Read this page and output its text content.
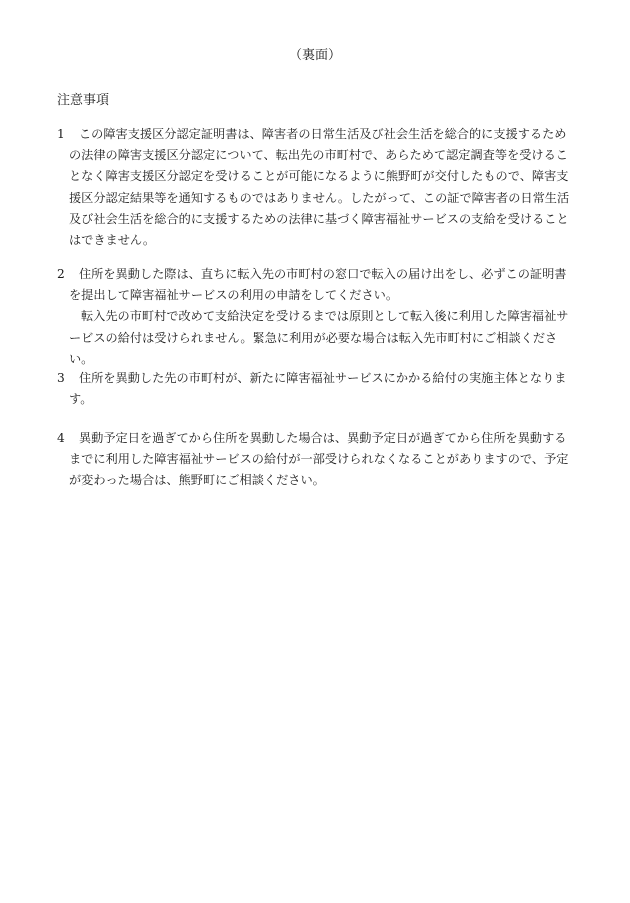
（裏面）
注意事項

1 この障害支援区分認定証明書は、障害者の日常生活及び社会生活を総合的に支援するための法律の障害支援区分認定について、転出先の市町村で、あらためて認定調査等を受けることなく障害支援区分認定を受けることが可能になるように熊野町が交付したもので、障害支援区分認定結果等を通知するものではありません。したがって、この証で障害者の日常生活及び社会生活を総合的に支援するための法律に基づく障害福祉サービスの支給を受けることはできません。

2 住所を異動した際は、直ちに転入先の市町村の窓口で転入の届け出をし、必ずこの証明書を提出して障害福祉サービスの利用の申請をしてください。

転入先の市町村で改めて支給決定を受けるまでは原則として転入後に利用した障害福祉サービスの給付は受けられません。緊急に利用が必要な場合は転入先市町村にご相談ください。

3 住所を異動した先の市町村が、新たに障害福祉サービスにかかる給付の実施主体となります。

4 異動予定日を過ぎてから住所を異動した場合は、異動予定日が過ぎてから住所を異動するまでに利用した障害福祉サービスの給付が一部受けられなくなることがありますので、予定が変わった場合は、熊野町にご相談ください。
